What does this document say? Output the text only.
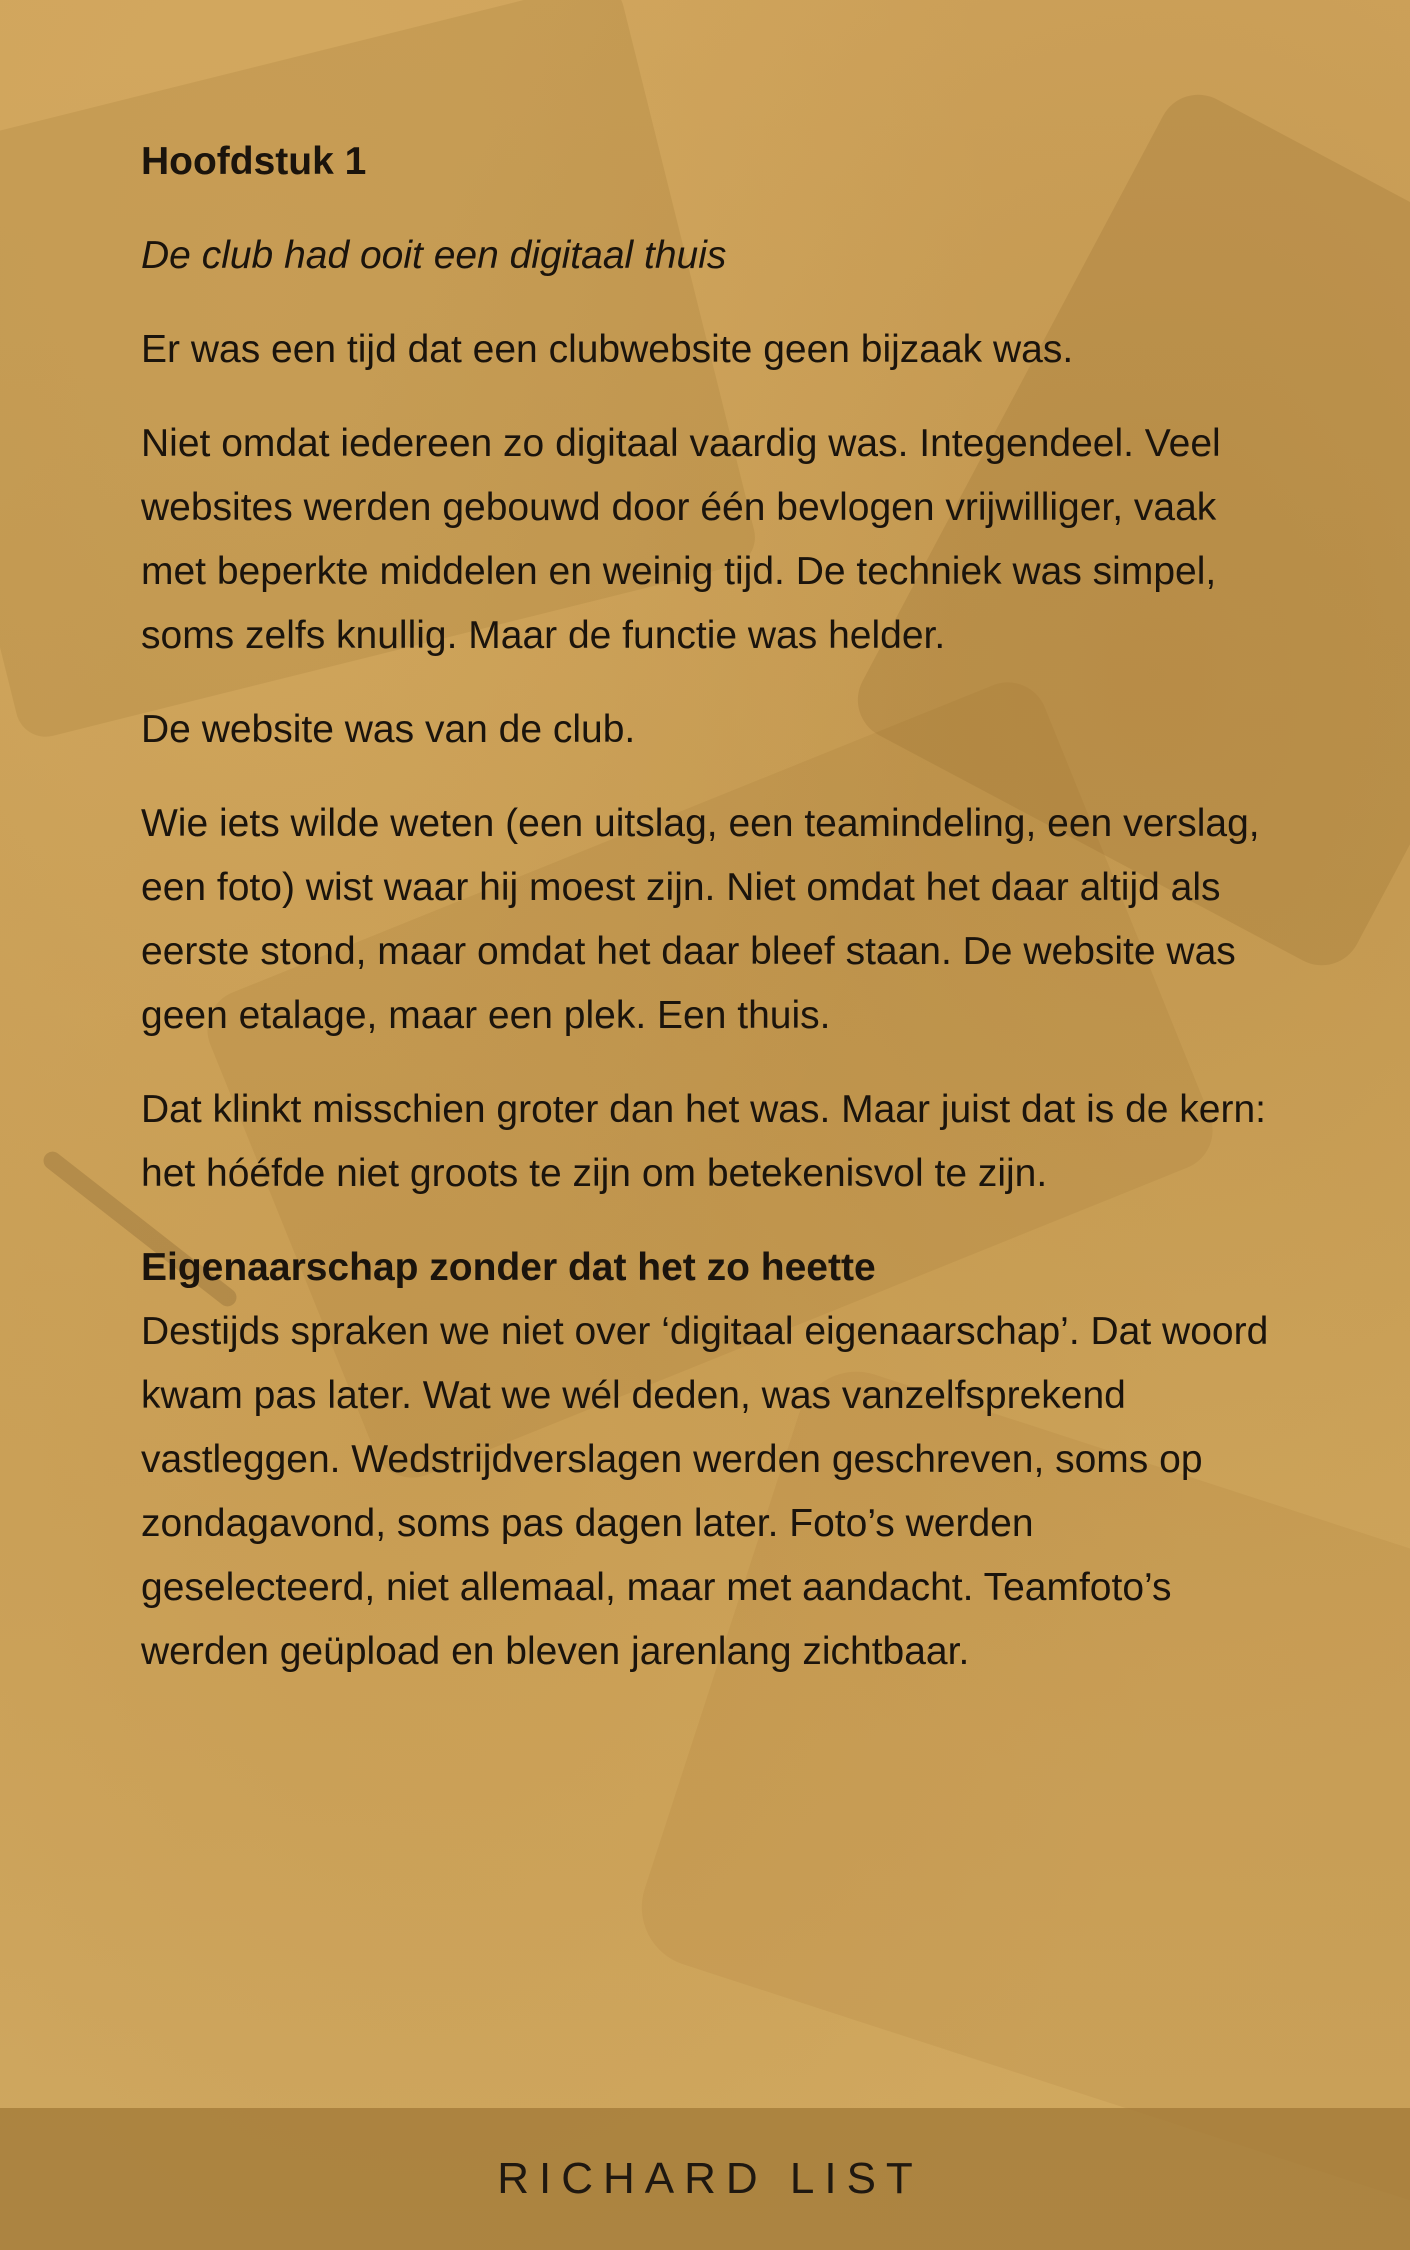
Hoofdstuk 1

De club had ooit een digitaal thuis

Er was een tijd dat een clubwebsite geen bijzaak was.

Niet omdat iedereen zo digitaal vaardig was. Integendeel. Veel websites werden gebouwd door één bevlogen vrijwilliger, vaak met beperkte middelen en weinig tijd. De techniek was simpel, soms zelfs knullig. Maar de functie was helder.

De website was van de club.

Wie iets wilde weten (een uitslag, een teamindeling, een verslag, een foto) wist waar hij moest zijn. Niet omdat het daar altijd als eerste stond, maar omdat het daar bleef staan. De website was geen etalage, maar een plek. Een thuis.

Dat klinkt misschien groter dan het was. Maar juist dat is de kern: het hóéfde niet groots te zijn om betekenisvol te zijn.

Eigenaarschap zonder dat het zo heette

Destijds spraken we niet over ‘digitaal eigenaarschap’. Dat woord kwam pas later. Wat we wél deden, was vanzelfsprekend vastleggen. Wedstrijdverslagen werden geschreven, soms op zondagavond, soms pas dagen later. Foto’s werden geselecteerd, niet allemaal, maar met aandacht. Teamfoto’s werden geüpload en bleven jarenlang zichtbaar.

RICHARD LIST
